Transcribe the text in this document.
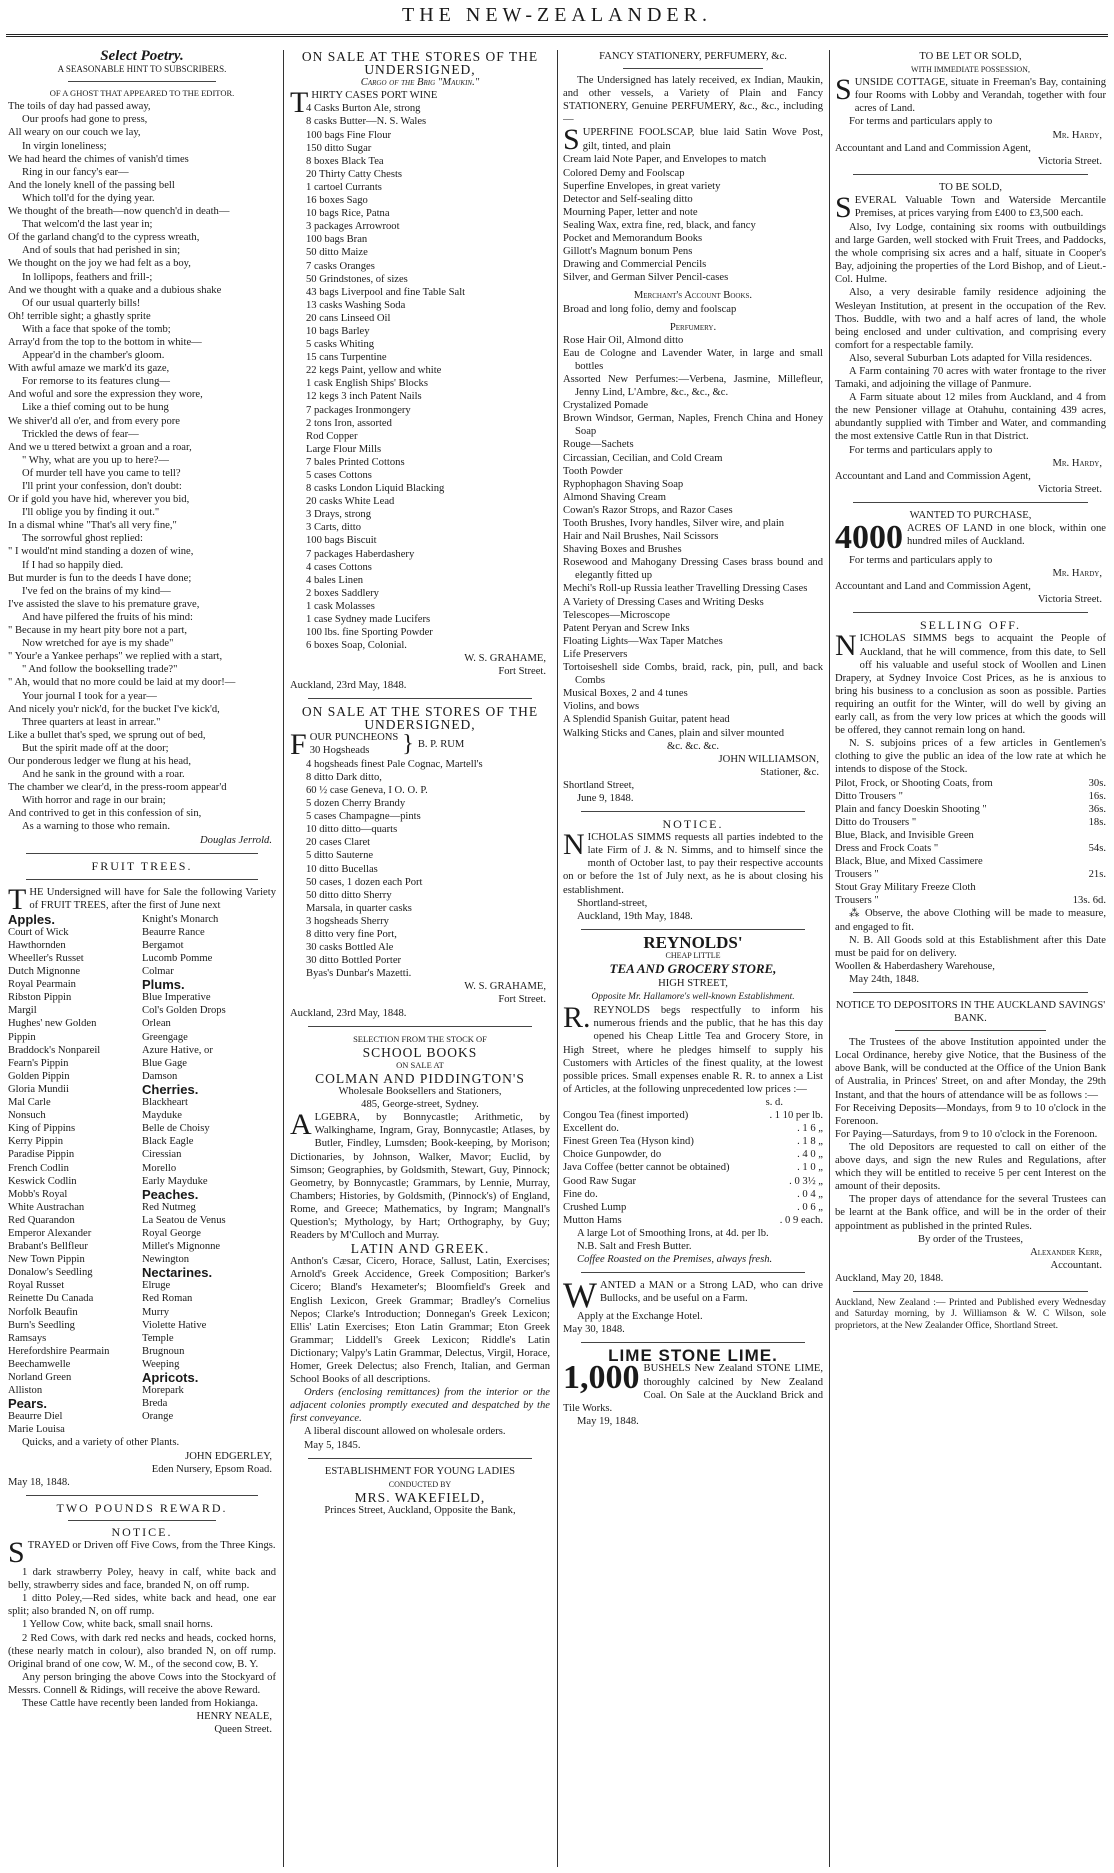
THE NEW-ZEALANDER.

Select Poetry.

A SEASONABLE HINT TO SUBSCRIBERS.

OF A GHOST THAT APPEARED TO THE EDITOR.

The toils of day had passed away,

Our proofs had gone to press,

All weary on our couch we lay,

In virgin loneliness;

We had heard the chimes of vanish'd times

Ring in our fancy's ear—

And the lonely knell of the passing bell

Which toll'd for the dying year.

We thought of the breath—now quench'd in death—

That welcom'd the last year in;

Of the garland chang'd to the cypress wreath,

And of souls that had perished in sin;

We thought on the joy we had felt as a boy,

In lollipops, feathers and frill-;

And we thought with a quake and a dubious shake

Of our usual quarterly bills!

Oh! terrible sight; a ghastly sprite

With a face that spoke of the tomb;

Array'd from the top to the bottom in white—

Appear'd in the chamber's gloom.

With awful amaze we mark'd its gaze,

For remorse to its features clung—

And woful and sore the expression they wore,

Like a thief coming out to be hung

We shiver'd all o'er, and from every pore

Trickled the dews of fear—

And we u ttered betwixt a groan and a roar,

" Why, what are you up to here?—

Of murder tell have you came to tell?

I'll print your confession, don't doubt:

Or if gold you have hid, wherever you bid,

I'll oblige you by finding it out."

In a dismal whine "That's all very fine,"

The sorrowful ghost replied:

" I would'nt mind standing a dozen of wine,

If I had so happily died.

But murder is fun to the deeds I have done;

I've fed on the brains of my kind—

I've assisted the slave to his premature grave,

And have pilfered the fruits of his mind:

" Because in my heart pity bore not a part,

Now wretched for aye is my shade"

" Your'e a Yankee perhaps" we replied with a start,

" And follow the bookselling trade?"

" Ah, would that no more could be laid at my door!—

Your journal I took for a year—

And nicely you'r nick'd, for the bucket I've kick'd,

Three quarters at least in arrear."

Like a bullet that's sped, we sprung out of bed,

But the spirit made off at the door;

Our ponderous ledger we flung at his head,

And he sank in the ground with a roar.

The chamber we clear'd, in the press-room appear'd

With horror and rage in our brain;

And contrived to get in this confession of sin,

As a warning to those who remain.

Douglas Jerrold.

FRUIT TREES.

THE Undersigned will have for Sale the following Variety of FRUIT TREES, after the first of June next

Apples.

Court of Wick

Hawthornden

Wheeller's Russet

Dutch Mignonne

Royal Pearmain

Ribston Pippin

Margil

Hughes' new Golden

Pippin

Braddock's Nonpareil

Fearn's Pippin

Golden Pippin

Gloria Mundii

Mal Carle

Nonsuch

King of Pippins

Kerry Pippin

Paradise Pippin

French Codlin

Keswick Codlin

Mobb's Royal

White Austrachan

Red Quarandon

Emperor Alexander

Brabant's Bellfleur

New Town Pippin

Donalow's Seedling

Royal Russet

Reinette Du Canada

Norfolk Beaufin

Burn's Seedling

Ramsays

Herefordshire Pearmain

Beechamwelle

Norland Green

Alliston

Pears.

Beaurre Diel

Marie Louisa

Knight's Monarch

Beaurre Rance

Bergamot

Lucomb Pomme

Colmar

Plums.

Blue Imperative

Col's Golden Drops

Orlean

Greengage

Azure Hative, or

Blue Gage

Damson

Cherries.

Blackheart

Mayduke

Belle de Choisy

Black Eagle

Ciressian

Morello

Early Mayduke

Peaches.

Red Nutmeg

La Seatou de Venus

Royal George

Millet's Mignonne

Newington

Nectarines.

Elruge

Red Roman

Murry

Violette Hative

Temple

Brugnoun

Weeping

Apricots.

Morepark

Breda

Orange

Quicks, and a variety of other Plants.

JOHN EDGERLEY,

Eden Nursery, Epsom Road.

May 18, 1848.

TWO POUNDS REWARD.

NOTICE.

STRAYED or Driven off Five Cows, from the Three Kings.

1 dark strawberry Poley, heavy in calf, white back and belly, strawberry sides and face, branded N, on off rump.

1 ditto Poley,—Red sides, white back and head, one ear split; also branded N, on off rump.

1 Yellow Cow, white back, small snail horns.

2 Red Cows, with dark red necks and heads, cocked horns, (these nearly match in colour), also branded N, on off rump. Original brand of one cow, W. M., of the second cow, B. Y.

Any person bringing the above Cows into the Stockyard of Messrs. Connell & Ridings, will receive the above Reward.

These Cattle have recently been landed from Hokianga.

HENRY NEALE,

Queen Street.

ON SALE AT THE STORES OF THE UNDERSIGNED,

Cargo of the Brig "Maukin."

THIRTY CASES PORT WINE

4 Casks Burton Ale, strong

8 casks Butter—N. S. Wales

100 bags Fine Flour

150 ditto Sugar

8 boxes Black Tea

20 Thirty Catty Chests

1 cartoel Currants

16 boxes Sago

10 bags Rice, Patna

3 packages Arrowroot

100 bags Bran

50 ditto Maize

7 casks Oranges

50 Grindstones, of sizes

43 bags Liverpool and fine Table Salt

13 casks Washing Soda

20 cans Linseed Oil

10 bags Barley

5 casks Whiting

15 cans Turpentine

22 kegs Paint, yellow and white

1 cask English Ships' Blocks

12 kegs 3 inch Patent Nails

7 packages Ironmongery

2 tons Iron, assorted

Rod Copper

Large Flour Mills

7 bales Printed Cottons

5 cases Cottons

8 casks London Liquid Blacking

20 casks White Lead

3 Drays, strong

3 Carts, ditto

100 bags Biscuit

7 packages Haberdashery

4 cases Cottons

4 bales Linen

2 boxes Saddlery

1 cask Molasses

1 case Sydney made Lucifers

100 lbs. fine Sporting Powder

6 boxes Soap, Colonial.

W. S. GRAHAME,

Fort Street.

Auckland, 23rd May, 1848.

ON SALE AT THE STORES OF THE UNDERSIGNED,

FOUR PUNCHEONS
30 Hogsheads	} B. P. RUM

4 hogsheads finest Pale Cognac, Martell's

8 ditto Dark ditto,

60 ½ case Geneva, I O. O. P.

5 dozen Cherry Brandy

5 cases Champagne—pints

10 ditto ditto—quarts

20 cases Claret

5 ditto Sauterne

10 ditto Bucellas

50 cases, 1 dozen each Port

50 ditto ditto Sherry

Marsala, in quarter casks

3 hogsheads Sherry

8 ditto very fine Port,

30 casks Bottled Ale

30 ditto Bottled Porter

Byas's Dunbar's Mazetti.

W. S. GRAHAME,

Fort Street.

Auckland, 23rd May, 1848.

SELECTION FROM THE STOCK OF

SCHOOL BOOKS

ON SALE AT

COLMAN AND PIDDINGTON'S

Wholesale Booksellers and Stationers,

485, George-street, Sydney.

ALGEBRA, by Bonnycastle; Arithmetic, by Walkinghame, Ingram, Gray, Bonnycastle; Atlases, by Butler, Findley, Lumsden; Book-keeping, by Morison; Dictionaries, by Johnson, Walker, Mavor; Euclid, by Simson; Geographies, by Goldsmith, Stewart, Guy, Pinnock; Geometry, by Bonnycastle; Grammars, by Lennie, Murray, Chambers; Histories, by Goldsmith, (Pinnock's) of England, Rome, and Greece; Mathematics, by Ingram; Mangnall's Question's; Mythology, by Hart; Orthography, by Guy; Readers by M'Culloch and Murray.

LATIN AND GREEK.

Anthon's Cæsar, Cicero, Horace, Sallust, Latin, Exercises; Arnold's Greek Accidence, Greek Composition; Barker's Cicero; Bland's Hexameter's; Bloomfield's Greek and English Lexicon, Greek Grammar; Bradley's Cornelius Nepos; Clarke's Introduction; Donnegan's Greek Lexicon; Ellis' Latin Exercises; Eton Latin Grammar; Eton Greek Grammar; Liddell's Greek Lexicon; Riddle's Latin Dictionary; Valpy's Latin Grammar, Delectus, Virgil, Horace, Homer, Greek Delectus; also French, Italian, and German School Books of all descriptions.

Orders (enclosing remittances) from the interior or the adjacent colonies promptly executed and despatched by the first conveyance.

A liberal discount allowed on wholesale orders.

May 5, 1845.

ESTABLISHMENT FOR YOUNG LADIES

CONDUCTED BY

MRS. WAKEFIELD,

Princes Street, Auckland, Opposite the Bank,

FANCY STATIONERY, PERFUMERY, &c.

The Undersigned has lately received, ex Indian, Maukin, and other vessels, a Variety of Plain and Fancy STATIONERY, Genuine PERFUMERY, &c., &c., including—

SUPERFINE FOOLSCAP, blue laid Satin Wove Post, gilt, tinted, and plain

Cream laid Note Paper, and Envelopes to match

Colored Demy and Foolscap

Superfine Envelopes, in great variety

Detector and Self-sealing ditto

Mourning Paper, letter and note

Sealing Wax, extra fine, red, black, and fancy

Pocket and Memorandum Books

Gillott's Magnum bonum Pens

Drawing and Commercial Pencils

Silver, and German Silver Pencil-cases

Merchant's Account Books.

Broad and long folio, demy and foolscap

Perfumery.

Rose Hair Oil, Almond ditto

Eau de Cologne and Lavender Water, in large and small bottles

Assorted New Perfumes:—Verbena, Jasmine, Millefleur, Jenny Lind, L'Ambre, &c., &c., &c.

Crystalized Pomade

Brown Windsor, German, Naples, French China and Honey Soap

Rouge—Sachets

Circassian, Cecilian, and Cold Cream

Tooth Powder

Ryphophagon Shaving Soap

Almond Shaving Cream

Cowan's Razor Strops, and Razor Cases

Tooth Brushes, Ivory handles, Silver wire, and plain

Hair and Nail Brushes, Nail Scissors

Shaving Boxes and Brushes

Rosewood and Mahogany Dressing Cases brass bound and elegantly fitted up

Mechi's Roll-up Russia leather Travelling Dressing Cases

A Variety of Dressing Cases and Writing Desks

Telescopes—Microscope

Patent Peryan and Screw Inks

Floating Lights—Wax Taper Matches

Life Preservers

Tortoiseshell side Combs, braid, rack, pin, pull, and back Combs

Musical Boxes, 2 and 4 tunes

Violins, and bows

A Splendid Spanish Guitar, patent head

Walking Sticks and Canes, plain and silver mounted

&c. &c. &c.

JOHN WILLIAMSON,

Stationer, &c.

Shortland Street,

June 9, 1848.

NOTICE.

NICHOLAS SIMMS requests all parties indebted to the late Firm of J. & N. Simms, and to himself since the month of October last, to pay their respective accounts on or before the 1st of July next, as he is about closing his establishment.

Shortland-street,

Auckland, 19th May, 1848.

REYNOLDS'

CHEAP LITTLE

TEA AND GROCERY STORE,

HIGH STREET,

Opposite Mr. Hallamore's well-known Establishment.

R. REYNOLDS begs respectfully to inform his numerous friends and the public, that he has this day opened his Cheap Little Tea and Grocery Store, in High Street, where he pledges himself to supply his Customers with Articles of the finest quality, at the lowest possible prices. Small expenses enable R. R. to annex a List of Articles, at the following unprecedented low prices :—

s. d.

Congou Tea (finest imported)	. 1 10 per lb.
Excellent do.	. 1 6 „
Finest Green Tea (Hyson kind)	. 1 8 „
Choice Gunpowder, do	. 4 0 „
Java Coffee (better cannot be obtained)	. 1 0 „
Good Raw Sugar	. 0 3½ „
Fine do.	. 0 4 „
Crushed Lump	. 0 6 „
Mutton Hams	. 0 9 each.

A large Lot of Smoothing Irons, at 4d. per lb.

N.B. Salt and Fresh Butter.

Coffee Roasted on the Premises, always fresh.

WANTED a MAN or a Strong LAD, who can drive Bullocks, and be useful on a Farm.

Apply at the Exchange Hotel.

May 30, 1848.

LIME STONE LIME.

1,000 BUSHELS New Zealand STONE LIME, thoroughly calcined by New Zealand Coal. On Sale at the Auckland Brick and Tile Works.

May 19, 1848.

TO BE LET OR SOLD,

WITH IMMEDIATE POSSESSION,

SUNSIDE COTTAGE, situate in Freeman's Bay, containing four Rooms with Lobby and Verandah, together with four acres of Land.

For terms and particulars apply to

Mr. Hardy,

Accountant and Land and Commission Agent,

Victoria Street.

TO BE SOLD,

SEVERAL Valuable Town and Waterside Mercantile Premises, at prices varying from £400 to £3,500 each.

Also, Ivy Lodge, containing six rooms with outbuildings and large Garden, well stocked with Fruit Trees, and Paddocks, the whole comprising six acres and a half, situate in Cooper's Bay, adjoining the properties of the Lord Bishop, and of Lieut.-Col. Hulme.

Also, a very desirable family residence adjoining the Wesleyan Institution, at present in the occupation of the Rev. Thos. Buddle, with two and a half acres of land, the whole being enclosed and under cultivation, and comprising every comfort for a respectable family.

Also, several Suburban Lots adapted for Villa residences.

A Farm containing 70 acres with water frontage to the river Tamaki, and adjoining the village of Panmure.

A Farm situate about 12 miles from Auckland, and 4 from the new Pensioner village at Otahuhu, containing 439 acres, abundantly supplied with Timber and Water, and commanding the most extensive Cattle Run in that District.

For terms and particulars apply to

Mr. Hardy,

Accountant and Land and Commission Agent,

Victoria Street.

WANTED TO PURCHASE,

4000 ACRES OF LAND in one block, within one hundred miles of Auckland.

For terms and particulars apply to

Mr. Hardy,

Accountant and Land and Commission Agent,

Victoria Street.

SELLING OFF.

NICHOLAS SIMMS begs to acquaint the People of Auckland, that he will commence, from this date, to Sell off his valuable and useful stock of Woollen and Linen Drapery, at Sydney Invoice Cost Prices, as he is anxious to bring his business to a conclusion as soon as possible. Parties requiring an outfit for the Winter, will do well by giving an early call, as from the very low prices at which the goods will be offered, they cannot remain long on hand.

N. S. subjoins prices of a few articles in Gentlemen's clothing to give the public an idea of the low rate at which he intends to dispose of the Stock.

Pilot, Frock, or Shooting Coats, from	30s.
Ditto Trousers "	16s.
Plain and fancy Doeskin Shooting "	36s.
Ditto do Trousers "	18s.
Blue, Black, and Invisible Green
Dress and Frock Coats "	54s.
Black, Blue, and Mixed Cassimere
Trousers "	21s.
Stout Gray Military Freeze Cloth
Trousers "	13s. 6d.

⁂ Observe, the above Clothing will be made to measure, and engaged to fit.

N. B. All Goods sold at this Establishment after this Date must be paid for on delivery.

Woollen & Haberdashery Warehouse,

May 24th, 1848.

NOTICE TO DEPOSITORS IN THE AUCKLAND SAVINGS' BANK.

The Trustees of the above Institution appointed under the Local Ordinance, hereby give Notice, that the Business of the above Bank, will be conducted at the Office of the Union Bank of Australia, in Princes' Street, on and after Monday, the 29th Instant, and that the hours of attendance will be as follows :—

For Receiving Deposits—Mondays, from 9 to 10 o'clock in the Forenoon.

For Paying—Saturdays, from 9 to 10 o'clock in the Forenoon.

The old Depositors are requested to call on either of the above days, and sign the new Rules and Regulations, after which they will be entitled to receive 5 per cent Interest on the amount of their deposits.

The proper days of attendance for the several Trustees can be learnt at the Bank office, and will be in the order of their appointment as published in the printed Rules.

By order of the Trustees,

Alexander Kerr,

Accountant.

Auckland, May 20, 1848.

Auckland, New Zealand :— Printed and Published every Wednesday and Saturday morning, by J. Williamson & W. C Wilson, sole proprietors, at the New Zealander Office, Shortland Street.
